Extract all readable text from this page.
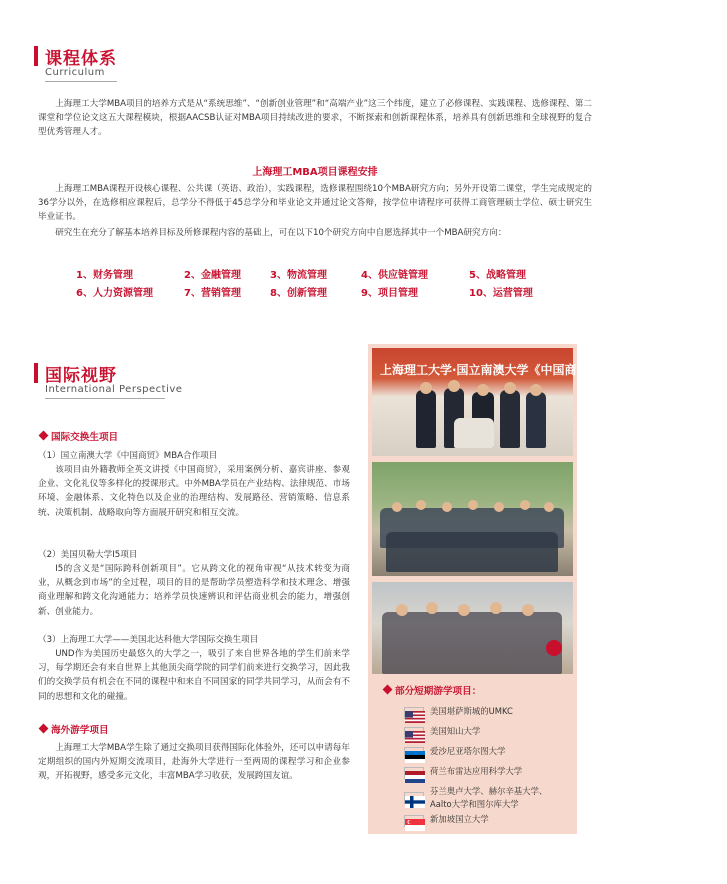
课程体系
Curriculum
上海理工大学MBA项目的培养方式是从“系统思维”、“创新创业管理”和“高端产业”这三个纬度，建立了必修课程、实践课程、选修课程、第二课堂和学位论文这五大课程模块，根据AACSB认证对MBA项目持续改进的要求，不断探索和创新课程体系，培养具有创新思维和全球视野的复合型优秀管理人才。
上海理工MBA项目课程安排
上海理工MBA课程开设核心课程、公共课（英语、政治），实践课程，选修课程围绕10个MBA研究方向；另外开设第二课堂，学生完成规定的36学分以外，在选修相应课程后，总学分不得低于45总学分和毕业论文并通过论文答辩，按学位申请程序可获得工商管理硕士学位、硕士研究生毕业证书。
研究生在充分了解基本培养目标及所修课程内容的基础上，可在以下10个研究方向中自愿选择其中一个MBA研究方向：
1、财务管理	2、金融管理	3、物流管理	4、供应链管理	5、战略管理
6、人力资源管理	7、营销管理	8、创新管理	9、项目管理	10、运营管理
国际视野
International Perspective
国际交换生项目
（1）国立南澳大学《中国商贸》MBA合作项目
该项目由外籍教师全英文讲授《中国商贸》，采用案例分析、嘉宾讲座、参观企业、文化礼仪等多样化的授课形式。中外MBA学员在产业结构、法律规范、市场环境、金融体系、文化特色以及企业的治理结构、发展路径、营销策略、信息系统、决策机制、战略取向等方面展开研究和相互交流。
（2）美国贝勒大学I5项目
I5的含义是“国际跨科创新项目”。它从跨文化的视角审视“从技术转变为商业，从概念到市场”的全过程，项目的目的是帮助学员塑造科学和技术理念、增强商业理解和跨文化沟通能力；培养学员快速辨识和评估商业机会的能力，增强创新、创业能力。
（3）上海理工大学——美国北达科他大学国际交换生项目
UND作为美国历史最悠久的大学之一，吸引了来自世界各地的学生们前来学习，每学期还会有来自世界上其他顶尖商学院的同学们前来进行交换学习，因此我们的交换学员有机会在不同的课程中和来自不同国家的同学共同学习，从而会有不同的思想和文化的碰撞。
海外游学项目
上海理工大学MBA学生除了通过交换项目获得国际化体验外，还可以申请每年定期组织的国内外短期交流项目，赴海外大学进行一至两周的课程学习和企业参观，开拓视野，感受多元文化，丰富MBA学习收获，发展跨国友谊。
上海理工大学·国立南澳大学《中国商贸》MBA合作项目开学仪式
部分短期游学项目：
美国堪萨斯城的UMKC
美国知山大学
爱沙尼亚塔尔图大学
荷兰布雷达应用科学大学
芬兰奥卢大学、赫尔辛基大学、
Aalto大学和图尔库大学
新加坡国立大学
